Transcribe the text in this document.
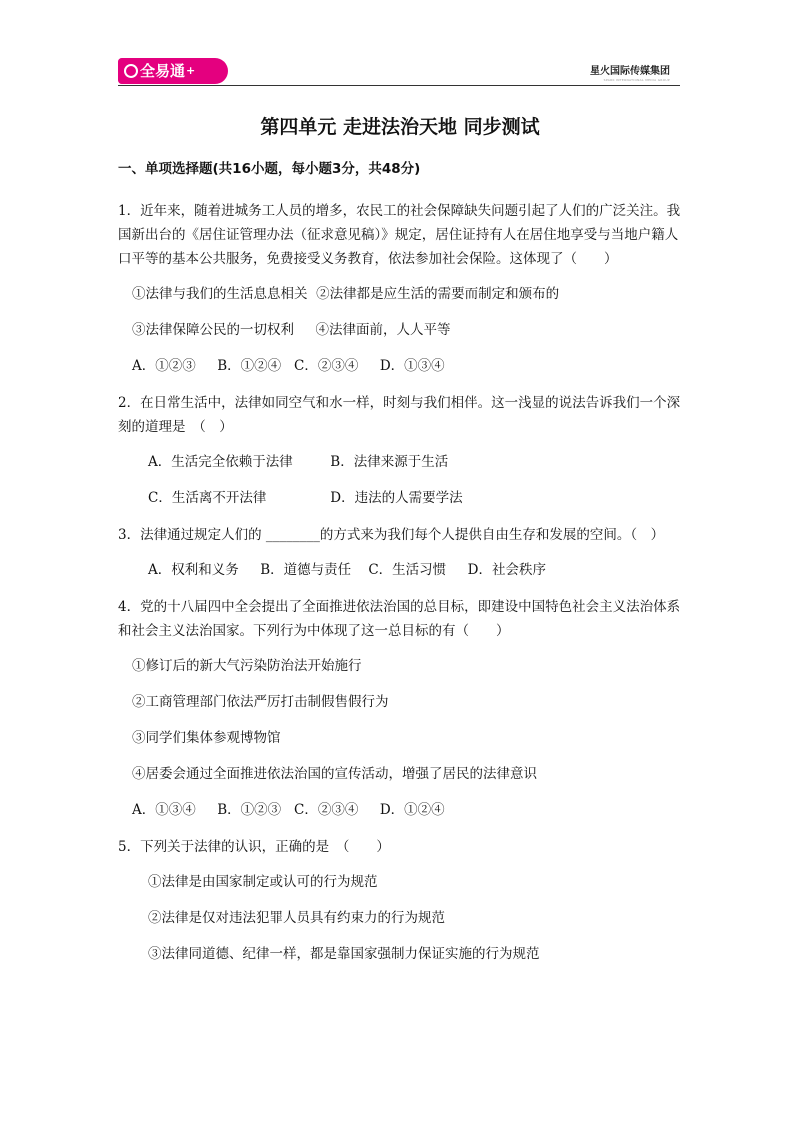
全易通+	星火国际传媒集团
SPARK INTERNATIONAL MEDIA GROUP
第四单元 走进法治天地 同步测试
一、单项选择题(共16小题，每小题3分，共48分)
1．近年来，随着进城务工人员的增多，农民工的社会保障缺失问题引起了人们的广泛关注。我国新出台的《居住证管理办法（征求意见稿）》规定，居住证持有人在居住地享受与当地户籍人口平等的基本公共服务，免费接受义务教育，依法参加社会保险。这体现了（　　）
①法律与我们的生活息息相关 ②法律都是应生活的需要而制定和颁布的
③法律保障公民的一切权利 ④法律面前，人人平等
A．①②③ B．①②④ C．②③④ D．①③④
2．在日常生活中，法律如同空气和水一样，时刻与我们相伴。这一浅显的说法告诉我们一个深刻的道理是　（　）
A．生活完全依赖于法律	B．法律来源于生活
C．生活离不开法律	D．违法的人需要学法
3．法律通过规定人们的 ________的方式来为我们每个人提供自由生存和发展的空间。（　）
A．权利和义务 B．道德与责任 C．生活习惯 D．社会秩序
4．党的十八届四中全会提出了全面推进依法治国的总目标，即建设中国特色社会主义法治体系和社会主义法治国家。下列行为中体现了这一总目标的有（　　）
①修订后的新大气污染防治法开始施行
②工商管理部门依法严厉打击制假售假行为
③同学们集体参观博物馆
④居委会通过全面推进依法治国的宣传活动，增强了居民的法律意识
A．①③④ B．①②③ C．②③④ D．①②④
5．下列关于法律的认识，正确的是　（　　）
①法律是由国家制定或认可的行为规范
②法律是仅对违法犯罪人员具有约束力的行为规范
③法律同道德、纪律一样，都是靠国家强制力保证实施的行为规范
